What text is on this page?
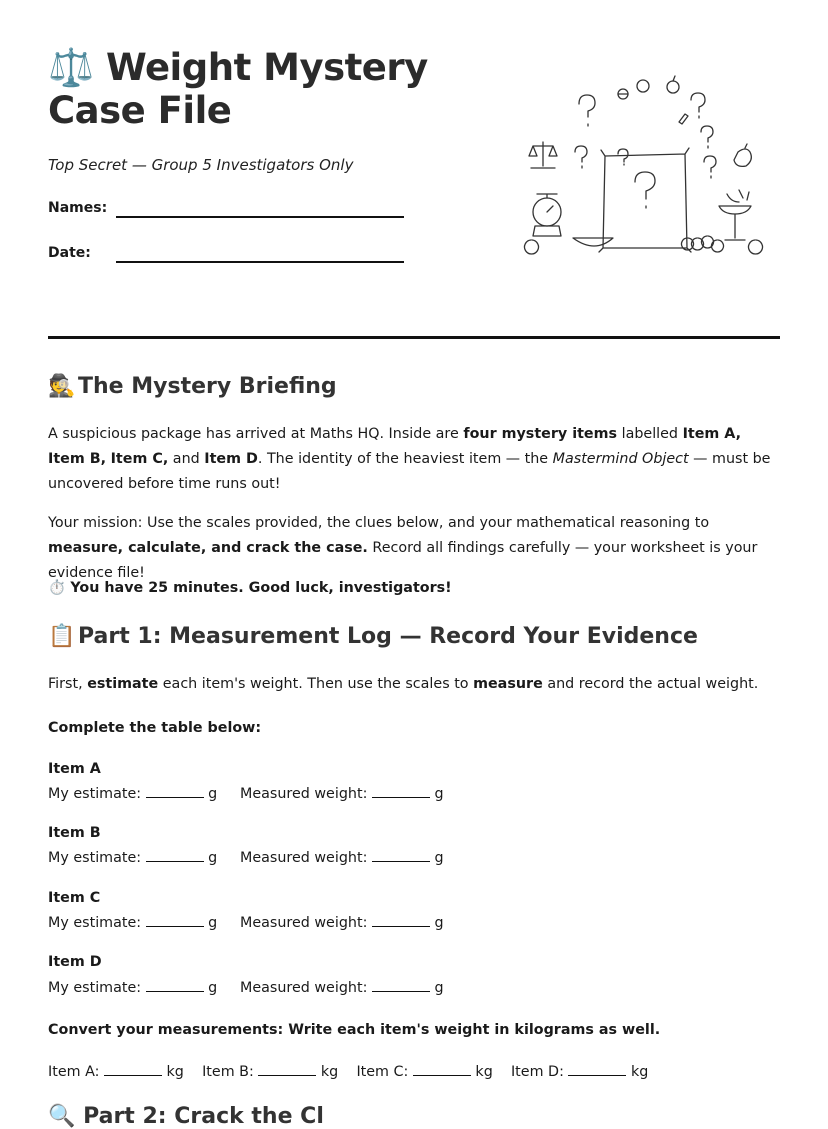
⚖️ Weight Mystery Case File
Top Secret — Group 5 Investigators Only
Names:
Date:
🕵️ The Mystery Briefing

A suspicious package has arrived at Maths HQ. Inside are four mystery items labelled Item A, Item B, Item C, and Item D. The identity of the heaviest item — the Mastermind Object — must be uncovered before time runs out!

Your mission: Use the scales provided, the clues below, and your mathematical reasoning to measure, calculate, and crack the case. Record all findings carefully — your worksheet is your evidence file!

⏱️ You have 25 minutes. Good luck, investigators!

📋 Part 1: Measurement Log — Record Your Evidence

First, estimate each item's weight. Then use the scales to measure and record the actual weight.

Complete the table below:

Item A
My estimate:	g Measured weight:	g
Item B
My estimate:	g Measured weight:	g
Item C
My estimate:	g Measured weight:	g
Item D
My estimate:	g Measured weight:	g

Convert your measurements: Write each item's weight in kilograms as well.

Item A:	kg Item B:	kg Item C:	kg Item D:	kg
🔍 Part 2: Crack the Cl
